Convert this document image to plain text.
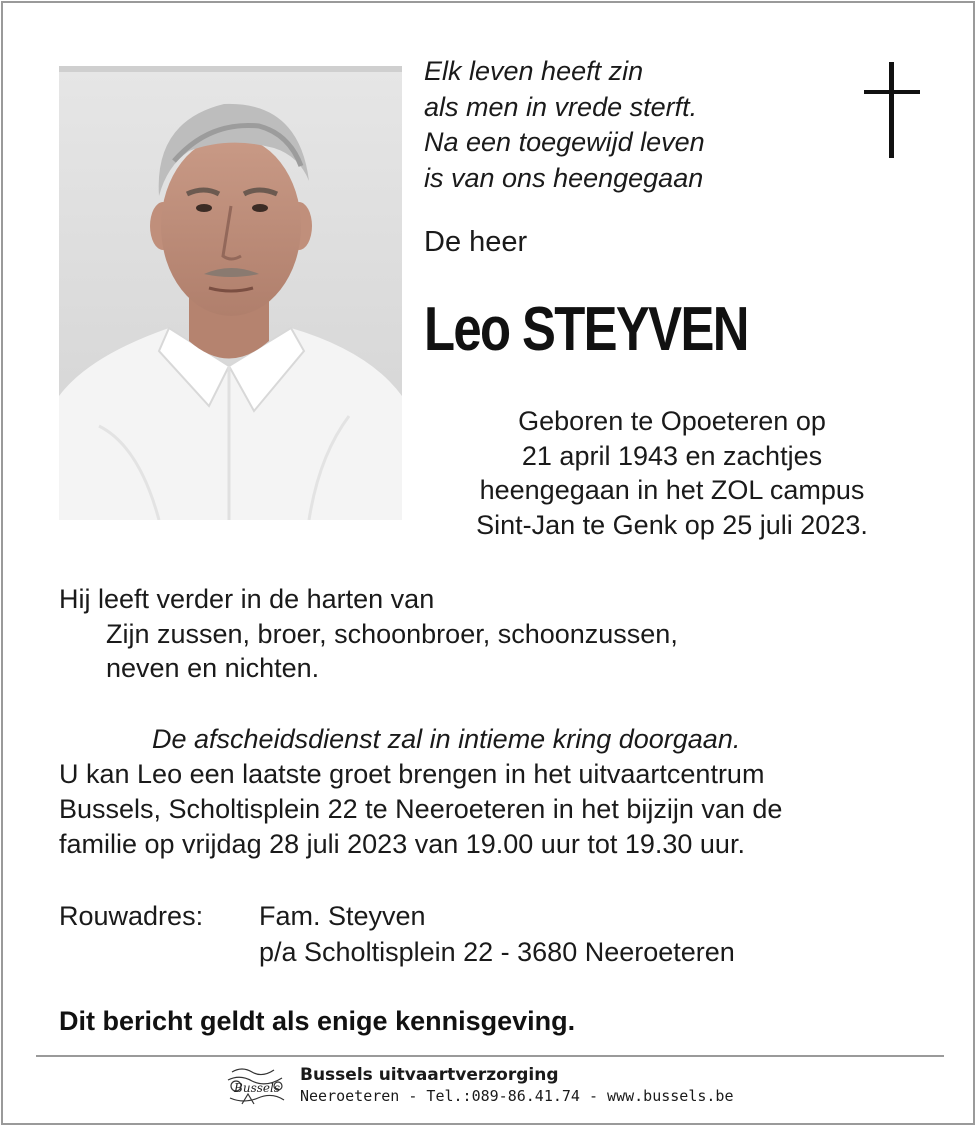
Elk leven heeft zin
als men in vrede sterft.
Na een toegewijd leven
is van ons heengegaan
De heer
Leo STEYVEN
Geboren te Opoeteren op
21 april 1943 en zachtjes
heengegaan in het ZOL campus
Sint-Jan te Genk op 25 juli 2023.
Hij leeft verder in de harten van
Zijn zussen, broer, schoonbroer, schoonzussen,
neven en nichten.
De afscheidsdienst zal in intieme kring doorgaan.
U kan Leo een laatste groet brengen in het uitvaartcentrum
Bussels, Scholtisplein 22 te Neeroeteren in het bijzijn van de
familie op vrijdag 28 juli 2023 van 19.00 uur tot 19.30 uur.
Rouwadres:	Fam. Steyven
p/a Scholtisplein 22 - 3680 Neeroeteren
Dit bericht geldt als enige kennisgeving.
Bussels
Bussels uitvaartverzorging
Neeroeteren - Tel.:089-86.41.74 - www.bussels.be
